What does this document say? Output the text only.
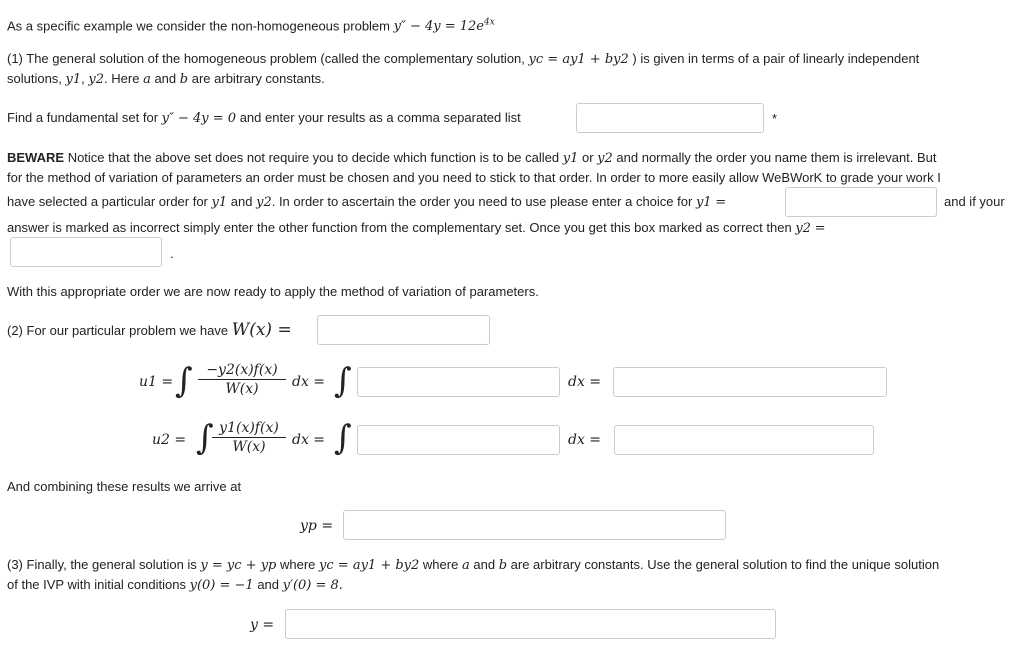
As a specific example we consider the non-homogeneous problem $y'' - 4y = 12e^{4x}$
(1) The general solution of the homogeneous problem (called the complementary solution, yc = ay1 + by2 ) is given in terms of a pair of linearly independent
solutions, y1, y2. Here a and b are arbitrary constants.
Find a fundamental set for y″ − 4y = 0 and enter your results as a comma separated list	*
BEWARE Notice that the above set does not require you to decide which function is to be called y1 or y2 and normally the order you name them is irrelevant. But
for the method of variation of parameters an order must be chosen and you need to stick to that order. In order to more easily allow WeBWorK to grade your work I
have selected a particular order for y1 and y2. In order to ascertain the order you need to use please enter a choice for y1 =	and if your
answer is marked as incorrect simply enter the other function from the complementary set. Once you get this box marked as correct then y2 =
.
With this appropriate order we are now ready to apply the method of variation of parameters.
(2) For our particular problem we have W(x) =
u1 = ∫ $\frac{-y2(x)f(x)}{W(x)}$ dx = ∫	dx =
u2 = ∫
$\frac{y1(x)f(x)}{W(x)}$ dx = ∫	dx =
And combining these results we arrive at
yp =
(3) Finally, the general solution is y = yc + yp where yc = ay1 + by2 where a and b are arbitrary constants. Use the general solution to find the unique solution
of the IVP with initial conditions y(0) = −1 and y′(0) = 8.
y =
